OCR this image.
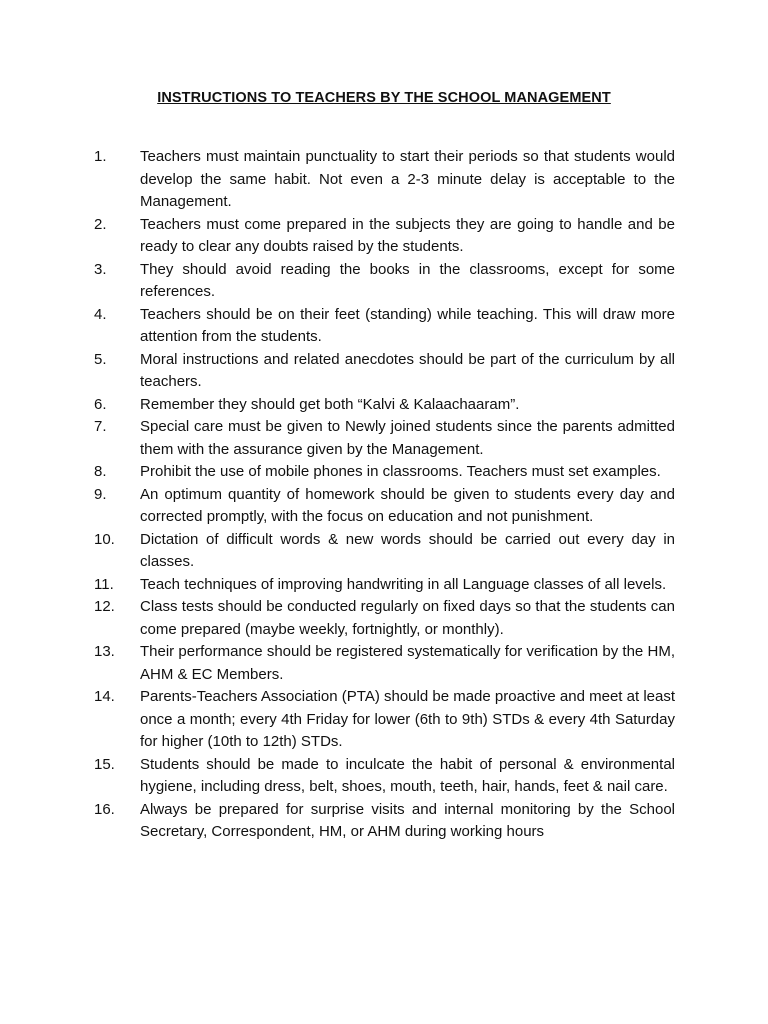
INSTRUCTIONS TO TEACHERS BY THE SCHOOL MANAGEMENT
1.	Teachers must maintain punctuality to start their periods so that students would develop the same habit. Not even a 2-3 minute delay is acceptable to the Management.
2.	Teachers must come prepared in the subjects they are going to handle and be ready to clear any doubts raised by the students.
3.	They should avoid reading the books in the classrooms, except for some references.
4.	Teachers should be on their feet (standing) while teaching. This will draw more attention from the students.
5.	Moral instructions and related anecdotes should be part of the curriculum by all teachers.
6.	Remember they should get both “Kalvi & Kalaachaaram”.
7.	Special care must be given to Newly joined students since the parents admitted them with the assurance given by the Management.
8.	Prohibit the use of mobile phones in classrooms. Teachers must set examples.
9.	An optimum quantity of homework should be given to students every day and corrected promptly, with the focus on education and not punishment.
10.	Dictation of difficult words & new words should be carried out every day in classes.
11.	Teach techniques of improving handwriting in all Language classes of all levels.
12.	Class tests should be conducted regularly on fixed days so that the students can come prepared (maybe weekly, fortnightly, or monthly).
13.	Their performance should be registered systematically for verification by the HM, AHM & EC Members.
14.	Parents-Teachers Association (PTA) should be made proactive and meet at least once a month; every 4th Friday for lower (6th to 9th) STDs & every 4th Saturday for higher (10th to 12th) STDs.
15.	Students should be made to inculcate the habit of personal & environmental hygiene, including dress, belt, shoes, mouth, teeth, hair, hands, feet & nail care.
16.	Always be prepared for surprise visits and internal monitoring by the School Secretary, Correspondent, HM, or AHM during working hours
